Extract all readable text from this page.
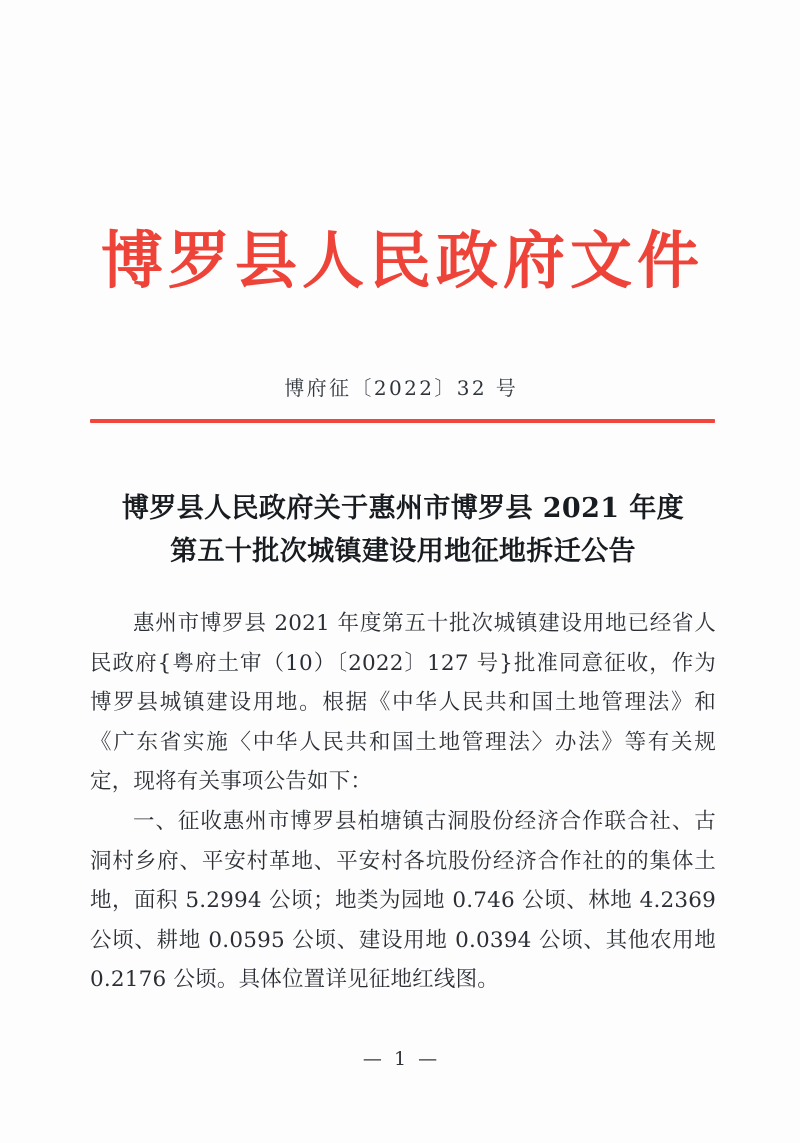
博罗县人民政府文件
博府征〔2022〕32 号
博罗县人民政府关于惠州市博罗县 2021 年度
第五十批次城镇建设用地征地拆迁公告

惠州市博罗县 2021 年度第五十批次城镇建设用地已经省人民政府{粤府土审（10）〔2022〕127 号}批准同意征收，作为博罗县城镇建设用地。根据《中华人民共和国土地管理法》和《广东省实施〈中华人民共和国土地管理法〉办法》等有关规定，现将有关事项公告如下：

一、征收惠州市博罗县柏塘镇古洞股份经济合作联合社、古洞村乡府、平安村革地、平安村各坑股份经济合作社的的集体土地，面积 5.2994 公顷；地类为园地 0.746 公顷、林地 4.2369 公顷、耕地 0.0595 公顷、建设用地 0.0394 公顷、其他农用地 0.2176 公顷。具体位置详见征地红线图。

— 1 —
